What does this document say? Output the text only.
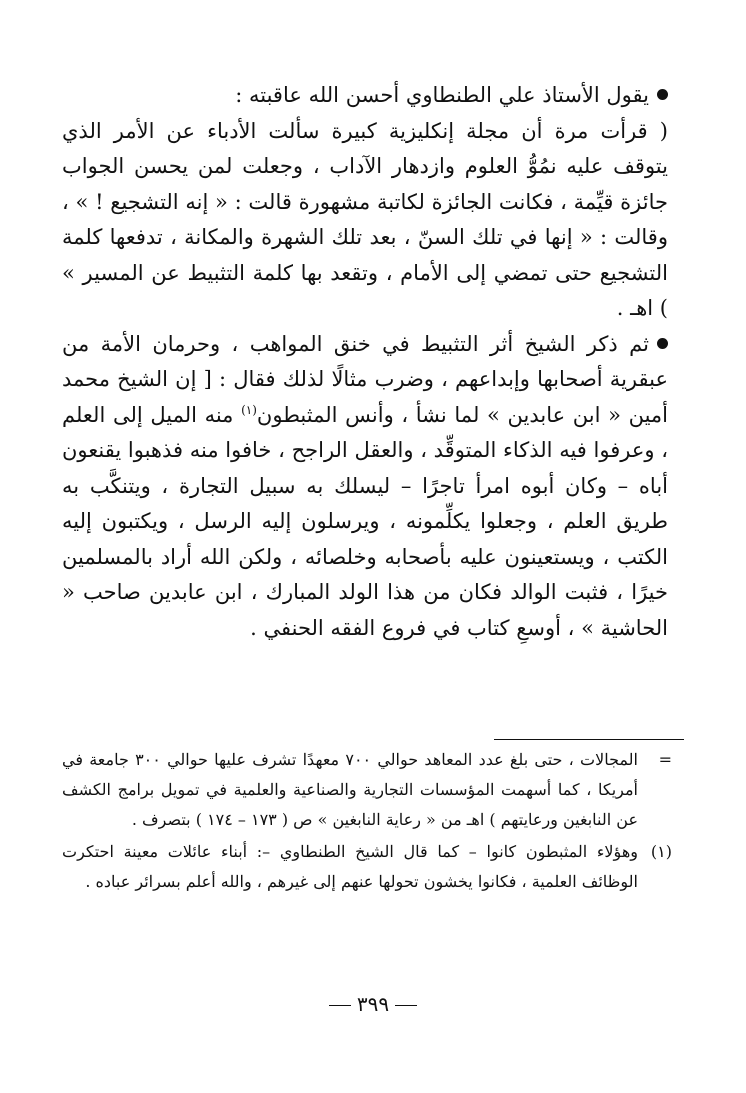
يقول الأستاذ علي الطنطاوي أحسن الله عاقبته :

( قرأت مرة أن مجلة إنكليزية كبيرة سألت الأدباء عن الأمر الذي يتوقف عليه نمُوُّ العلوم وازدهار الآداب ، وجعلت لمن يحسن الجواب جائزة قيِّمة ، فكانت الجائزة لكاتبة مشهورة قالت : « إنه التشجيع ! » ، وقالت : « إنها في تلك السنّ ، بعد تلك الشهرة والمكانة ، تدفعها كلمة التشجيع حتى تمضي إلى الأمام ، وتقعد بها كلمة التثبيط عن المسير » ) اهـ .

ثم ذكر الشيخ أثر التثبيط في خنق المواهب ، وحرمان الأمة من عبقرية أصحابها وإبداعهم ، وضرب مثالًا لذلك فقال : [ إن الشيخ محمد أمين « ابن عابدين » لما نشأ ، وأنس المثبطون$^{(١)}$ منه الميل إلى العلم ، وعرفوا فيه الذكاء المتوقِّد ، والعقل الراجح ، خافوا منه فذهبوا يقنعون أباه – وكان أبوه امرأ تاجرًا – ليسلك به سبيل التجارة ، ويتنكَّب به طريق العلم ، وجعلوا يكلِّمونه ، ويرسلون إليه الرسل ، ويكتبون إليه الكتب ، ويستعينون عليه بأصحابه وخلصائه ، ولكن الله أراد بالمسلمين خيرًا ، فثبت الوالد فكان من هذا الولد المبارك ، ابن عابدين صاحب « الحاشية » ، أوسعِ كتاب في فروع الفقه الحنفي .

=
المجالات ، حتى بلغ عدد المعاهد حوالي ٧٠٠ معهدًا تشرف عليها حوالي ٣٠٠ جامعة في أمريكا ، كما أسهمت المؤسسات التجارية والصناعية والعلمية في تمويل برامج الكشف عن النابغين ورعايتهم ) اهـ من « رعاية النابغين » ص ( ١٧٣ – ١٧٤ ) بتصرف .
(١)
وهؤلاء المثبطون كانوا – كما قال الشيخ الطنطاوي –: أبناء عائلات معينة احتكرت الوظائف العلمية ، فكانوا يخشون تحولها عنهم إلى غيرهم ، والله أعلم بسرائر عباده .
٣٩٩
